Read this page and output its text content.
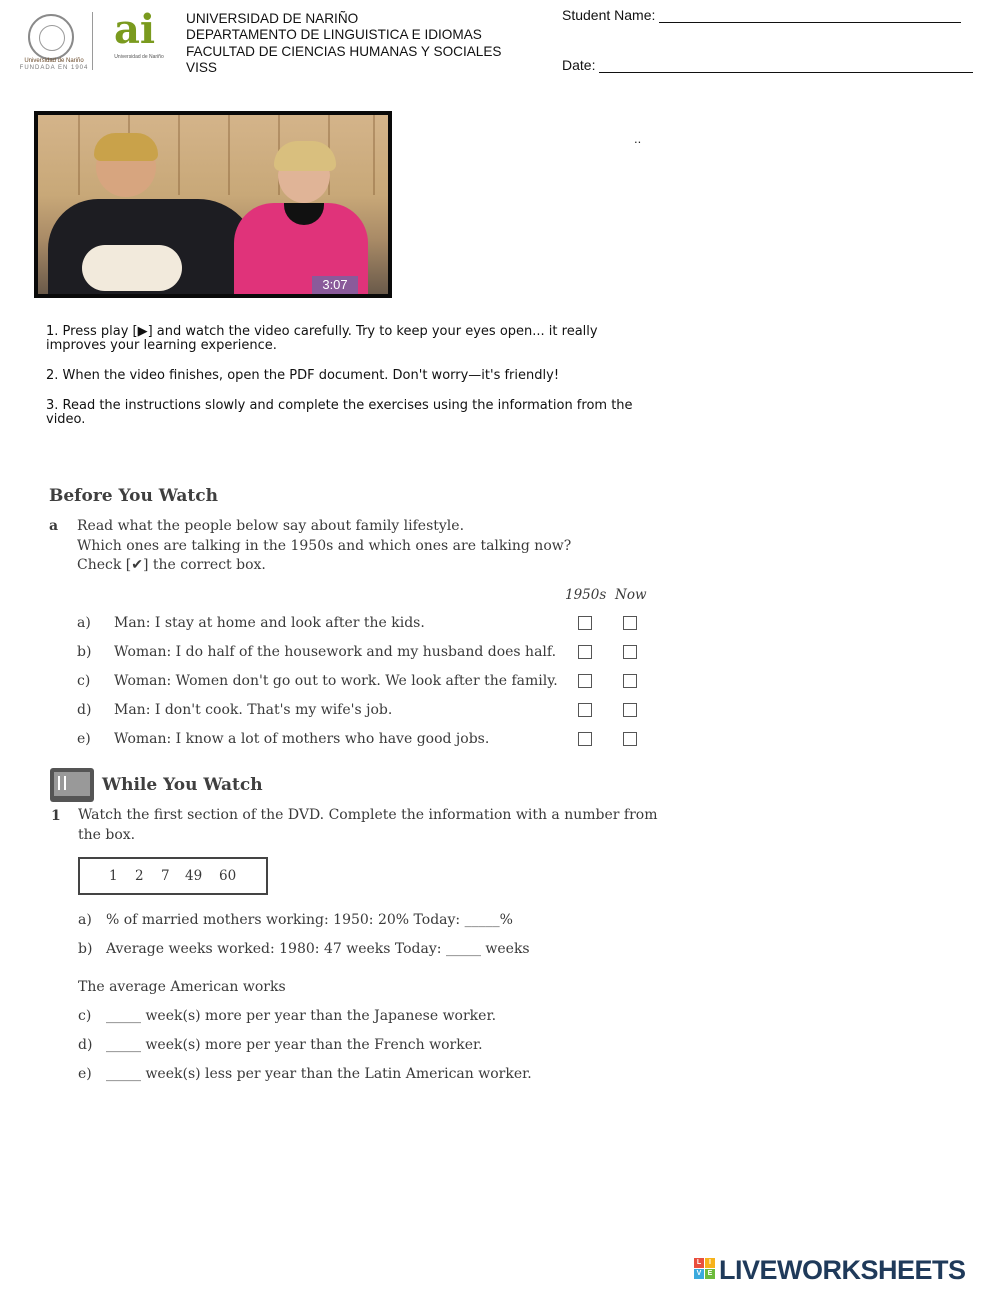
Universidad de Nariño
FUNDADA EN 1904
ai
Universidad de Nariño
UNIVERSIDAD DE NARIÑO
DEPARTAMENTO DE LINGUISTICA E IDIOMAS
FACULTAD DE CIENCIAS HUMANAS Y SOCIALES
VISS
Student Name:
Date:
3:07
..

1. Press play [▶] and watch the video carefully. Try to keep your eyes open... it really improves your learning experience.

2. When the video finishes, open the PDF document. Don't worry—it's friendly!

3. Read the instructions slowly and complete the exercises using the information from the video.

Before You Watch
a Read what the people below say about family lifestyle.
Which ones are talking in the 1950s and which ones are talking now?
Check [✔] the correct box.
1950s Now
a) Man: I stay at home and look after the kids.
b) Woman: I do half of the housework and my husband does half.
c) Woman: Women don't go out to work. We look after the family.
d) Man: I don't cook. That's my wife's job.
e) Woman: I know a lot of mothers who have good jobs.
While You Watch
1 Watch the first section of the DVD. Complete the information with a number from
the box.
1 2 7 49 60
a) % of married mothers working: 1950: 20% Today: _____%
b) Average weeks worked: 1980: 47 weeks Today: _____ weeks
The average American works
c) _____ week(s) more per year than the Japanese worker.
d) _____ week(s) more per year than the French worker.
e) _____ week(s) less per year than the Latin American worker.
L	I
V E LIVEWORKSHEETS
